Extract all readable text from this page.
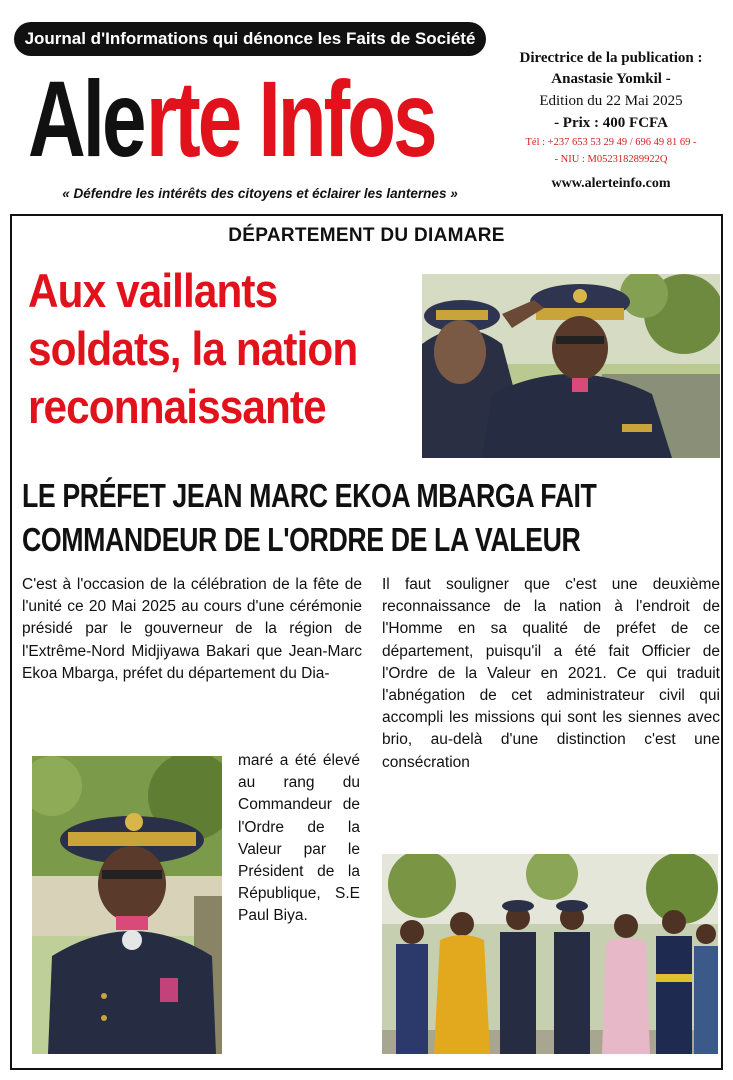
Journal d'Informations qui dénonce les Faits de Société
Ale rte Infos
« Défendre les intérêts des citoyens et éclairer les lanternes »
Directrice de la publication :
Anastasie Yomkil -
Edition du 22 Mai 2025
- Prix : 400 FCFA
Tél : +237 653 53 29 49 / 696 49 81 69 -
- NIU : M052318289922Q
www.alerteinfo.com
DÉPARTEMENT DU DIAMARE
Aux vaillants
soldats, la nation
reconnaissante
LE PRÉFET JEAN MARC EKOA MBARGA FAIT
COMMANDEUR DE L'ORDRE DE LA VALEUR
C'est à l'occasion de la célébration de la fête de l'unité ce 20 Mai 2025 au cours d'une cérémonie présidé par le gouverneur de la région de l'Extrême-Nord Midjiyawa Bakari que Jean-Marc Ekoa Mbarga, préfet du département du Dia-
maré a été élevé au rang du Commandeur de l'Ordre de la Valeur par le Président de la République, S.E Paul Biya.
Il faut souligner que c'est une deuxième reconnaissance de la nation à l'endroit de l'Homme en sa qualité de préfet de ce département, puisqu'il a été fait Officier de l'Ordre de la Valeur en 2021. Ce qui traduit l'abnégation de cet administrateur civil qui accompli les missions qui sont les siennes avec brio, au-delà d'une distinction c'est une consécration
